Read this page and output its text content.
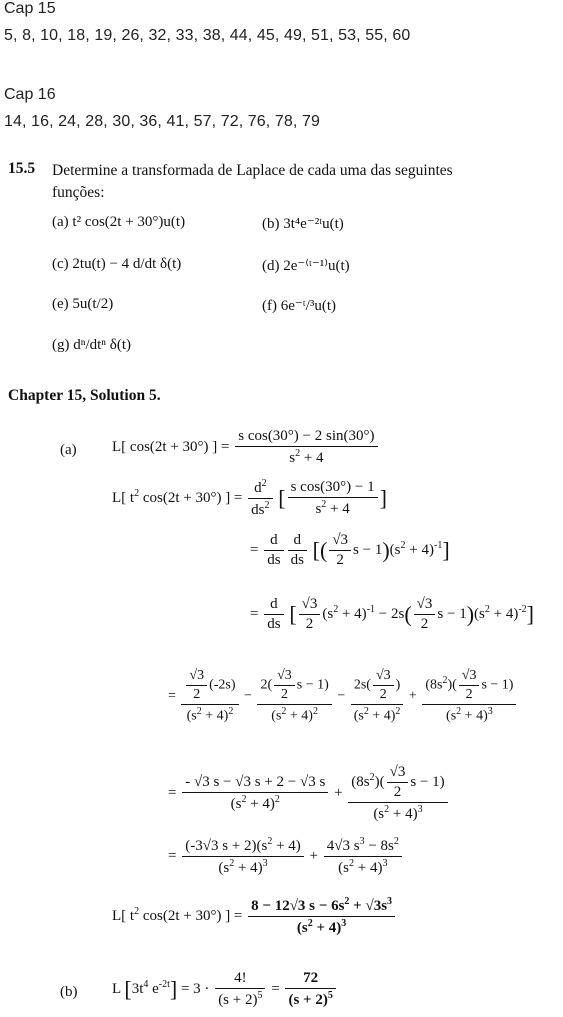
Cap 15
5, 8, 10, 18, 19, 26, 32, 33, 38, 44, 45, 49, 51, 53, 55, 60
Cap 16
14, 16, 24, 28, 30, 36, 41, 57, 72, 76, 78, 79
15.5 Determine a transformada de Laplace de cada uma das seguintes funções:
(a) t² cos(2t + 30°)u(t)	(b) 3t⁴e⁻²ᵗu(t)
(c) 2tu(t) − 4 d/dt δ(t)	(d) 2e⁻⁽ᵗ⁻¹⁾u(t)
(e) 5u(t/2)	(f) 6e⁻ᵗ/³u(t)
(g) dⁿ/dtⁿ δ(t)
Chapter 15, Solution 5.
(a) L[ cos(2t + 30°) ] = $\frac{\text{s cos(30°) − 2 sin(30°)}}{s^2 + 4}$
L[ $t^2$ cos(2t + 30°) ] = $\frac{d^2}{ds^2}$ [ $\frac{\text{s cos(30°) − 1}}{s^2 + 4}$ ]
= $\frac{d}{ds} \frac{d}{ds}$ [( $\frac{√3}{2}$ $s - 1)(s^2 + 4)^{-1}$]
= $\frac{d}{ds}$ [ $\frac{√3}{2} (s^2 + 4)^{-1} - 2s( \frac{√3}{2}$ $s - 1)(s^2 + 4)^{-2}$]
= $\frac{\frac{√3}{2} (-2s)}{(s^2 + 4)^2} - \frac{2( \frac{√3}{2} s - 1)}{(s^2 + 4)^2} - \frac{2s( \frac{√3}{2} )}{(s^2 + 4)^2} + \frac{(8s^2)( \frac{√3}{2} s - 1)}{(s^2 + 4)^3}$
= $\frac{- √3 s - √3 s + 2 - √3 s}{(s^2 + 4)^2} + \frac{(8s^2)( \frac{√3}{2} s - 1)}{(s^2 + 4)^3}$
= $\frac{(-3√3 s + 2)(s^2 + 4)}{(s^2 + 4)^3} + \frac{4√3 s^3 - 8s^2}{(s^2 + 4)^3}$
L[ $t^2$ cos(2t + 30°) ] = $\frac{8 - 12√3 s - 6s^2 + √3s^3}{(s^2 + 4)^3}$
(b) L [$3t^4$ $e^{-2t}] = 3 \cdot \frac{4!}{(s + 2)^5} = \frac{72}{(s + 2)^5}$
